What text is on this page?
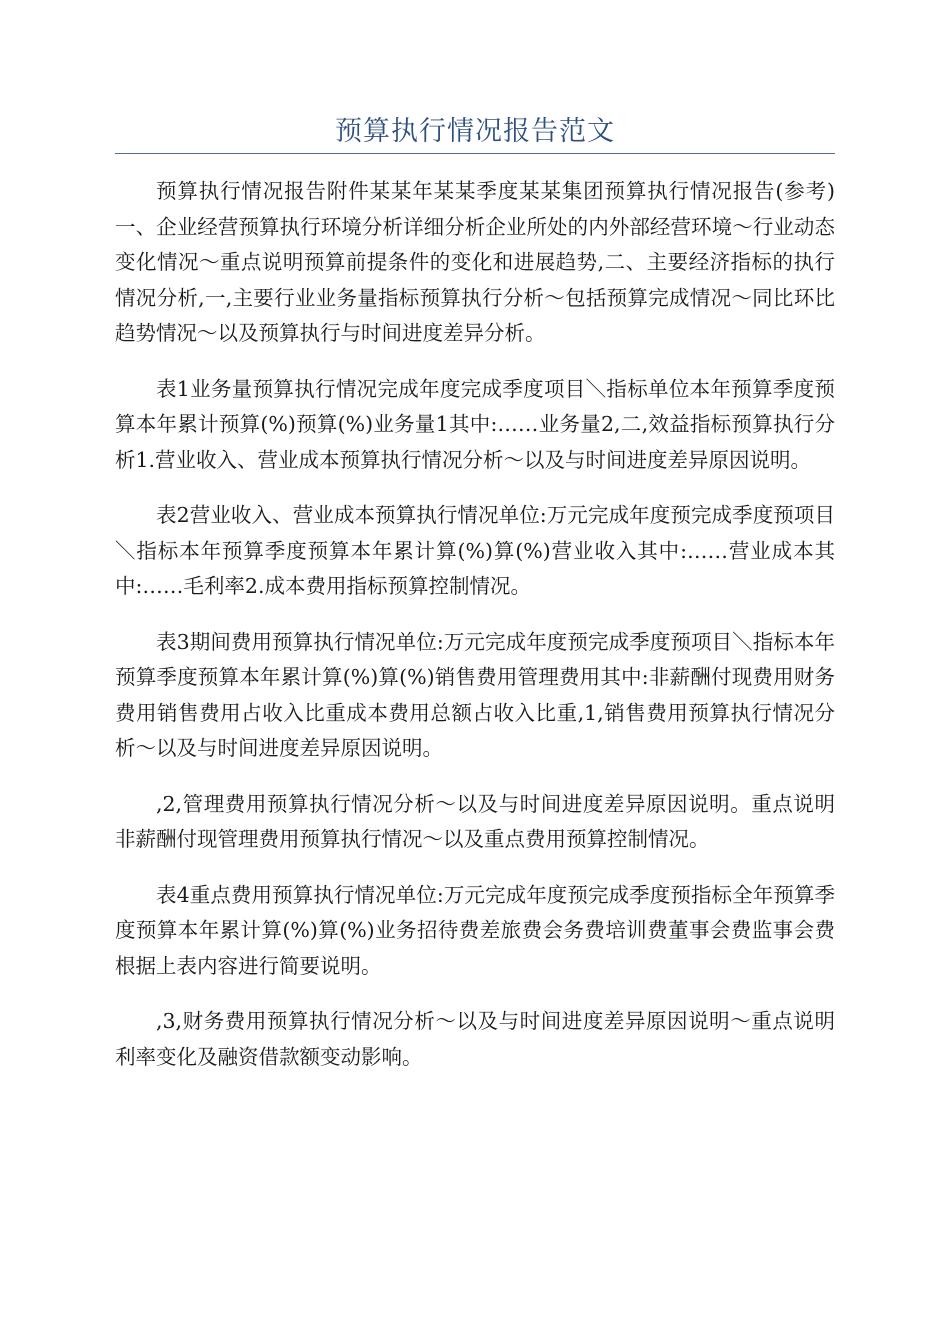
预算执行情况报告范文

预算执行情况报告附件某某年某某季度某某集团预算执行情况报告(参考)一、企业经营预算执行环境分析详细分析企业所处的内外部经营环境～行业动态变化情况～重点说明预算前提条件的变化和进展趋势,二、主要经济指标的执行情况分析,一,主要行业业务量指标预算执行分析～包括预算完成情况～同比环比趋势情况～以及预算执行与时间进度差异分析。

表1业务量预算执行情况完成年度完成季度项目＼指标单位本年预算季度预算本年累计预算(%)预算(%)业务量1其中:……业务量2,二,效益指标预算执行分析1.营业收入、营业成本预算执行情况分析～以及与时间进度差异原因说明。

表2营业收入、营业成本预算执行情况单位:万元完成年度预完成季度预项目＼指标本年预算季度预算本年累计算(%)算(%)营业收入其中:……营业成本其中:……毛利率2.成本费用指标预算控制情况。

表3期间费用预算执行情况单位:万元完成年度预完成季度预项目＼指标本年预算季度预算本年累计算(%)算(%)销售费用管理费用其中:非薪酬付现费用财务费用销售费用占收入比重成本费用总额占收入比重,1,销售费用预算执行情况分析～以及与时间进度差异原因说明。

,2,管理费用预算执行情况分析～以及与时间进度差异原因说明。重点说明非薪酬付现管理费用预算执行情况～以及重点费用预算控制情况。

表4重点费用预算执行情况单位:万元完成年度预完成季度预指标全年预算季度预算本年累计算(%)算(%)业务招待费差旅费会务费培训费董事会费监事会费根据上表内容进行简要说明。

,3,财务费用预算执行情况分析～以及与时间进度差异原因说明～重点说明利率变化及融资借款额变动影响。
